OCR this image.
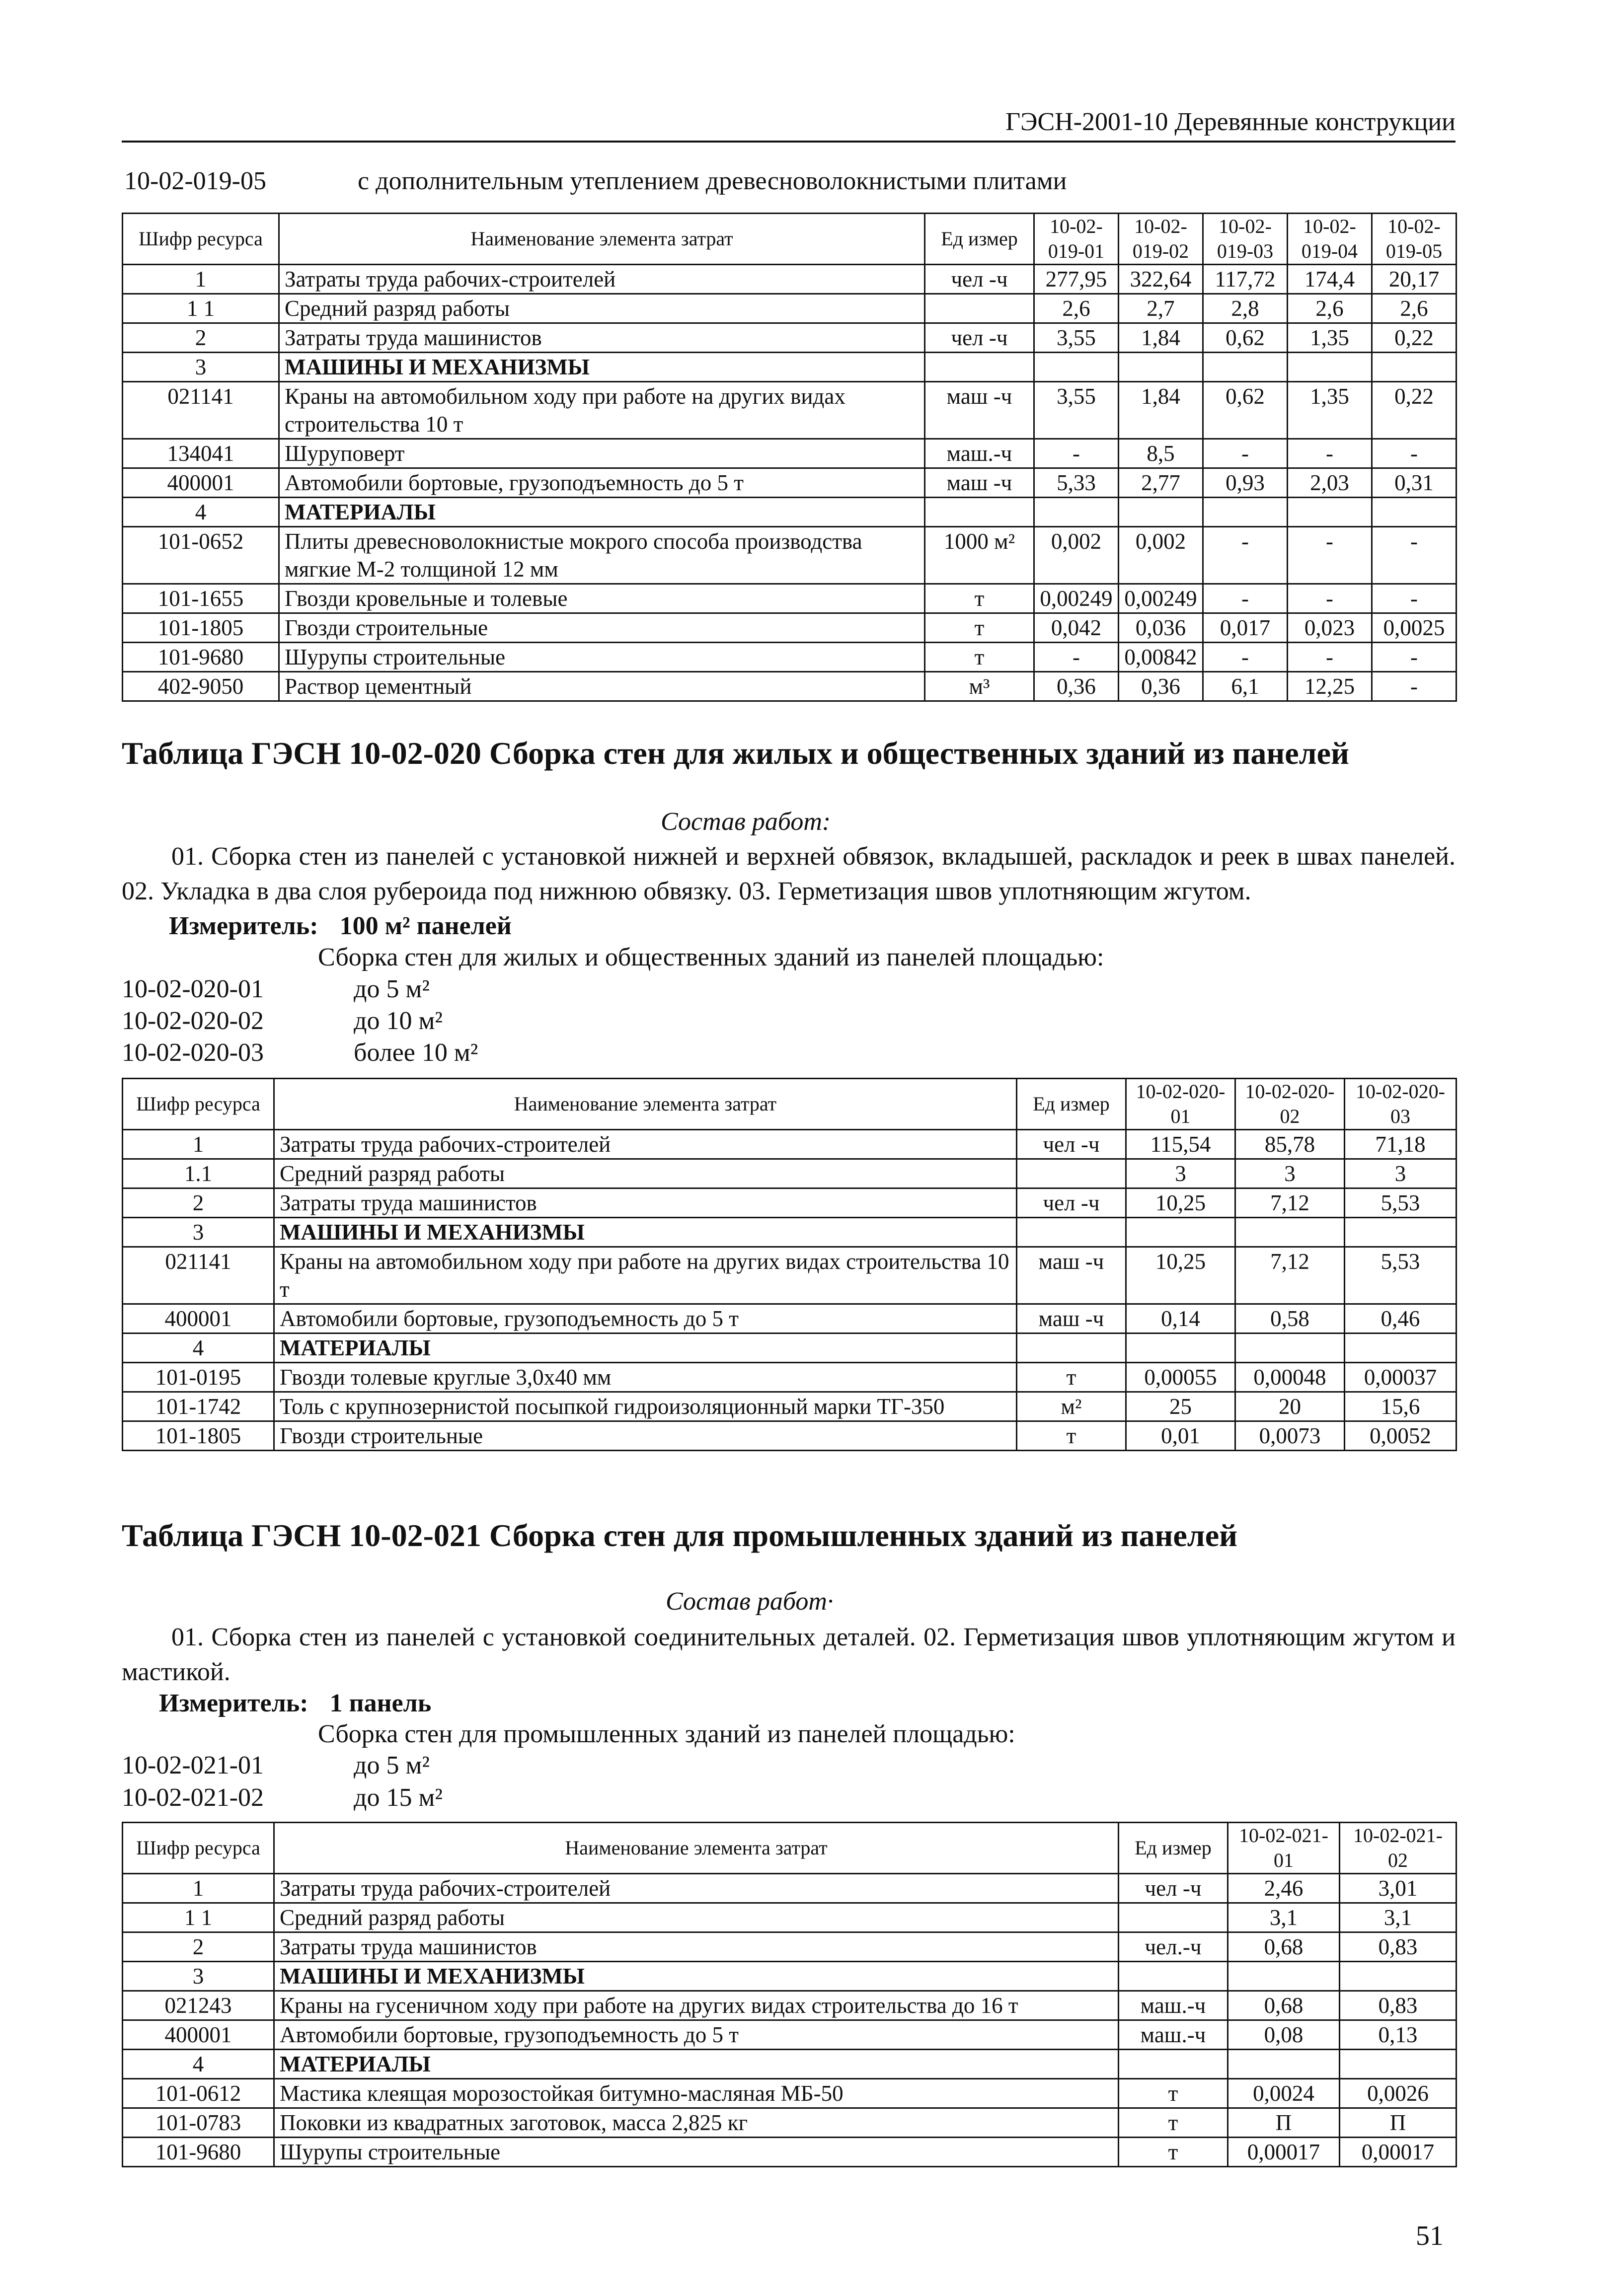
ГЭСН-2001-10 Деревянные конструкции
10-02-019-05	с дополнительным утеплением древесноволокнистыми плитами
Шифр ресурса	Наименование элемента затрат	Ед измер	10-02-019-01	10-02-019-02	10-02-019-03	10-02-019-04	10-02-019-05
1	Затраты труда рабочих-строителей	чел -ч	277,95	322,64	117,72	174,4	20,17
1 1	Средний разряд работы		2,6	2,7	2,8	2,6	2,6
2	Затраты труда машинистов	чел -ч	3,55	1,84	0,62	1,35	0,22
3	МАШИНЫ И МЕХАНИЗМЫ						
021141	Краны на автомобильном ходу при работе на других видах строительства 10 т	маш -ч	3,55	1,84	0,62	1,35	0,22
134041	Шуруповерт	маш.-ч	-	8,5	-	-	-
400001	Автомобили бортовые, грузоподъемность до 5 т	маш -ч	5,33	2,77	0,93	2,03	0,31
4	МАТЕРИАЛЫ						
101-0652	Плиты древесноволокнистые мокрого способа производства мягкие М-2 толщиной 12 мм	1000 м²	0,002	0,002	-	-	-
101-1655	Гвозди кровельные и толевые	т	0,00249	0,00249	-	-	-
101-1805	Гвозди строительные	т	0,042	0,036	0,017	0,023	0,0025
101-9680	Шурупы строительные	т	-	0,00842	-	-	-
402-9050	Раствор цементный	м³	0,36	0,36	6,1	12,25	-
Таблица ГЭСН 10-02-020 Сборка стен для жилых и общественных зданий из панелей
Состав работ:
01. Сборка стен из панелей с установкой нижней и верхней обвязок, вкладышей, раскладок и реек в швах панелей. 02. Укладка в два слоя рубероида под нижнюю обвязку. 03. Герметизация швов уплотняющим жгутом.
Измеритель: 100 м² панелей
Сборка стен для жилых и общественных зданий из панелей площадью:
10-02-020-01	до 5 м²
10-02-020-02	до 10 м²
10-02-020-03	более 10 м²
Шифр ресурса	Наименование элемента затрат	Ед измер	10-02-020-01	10-02-020-02	10-02-020-03
1	Затраты труда рабочих-строителей	чел -ч	115,54	85,78	71,18
1.1	Средний разряд работы		3	3	3
2	Затраты труда машинистов	чел -ч	10,25	7,12	5,53
3	МАШИНЫ И МЕХАНИЗМЫ				
021141	Краны на автомобильном ходу при работе на других видах строительства 10 т	маш -ч	10,25	7,12	5,53
400001	Автомобили бортовые, грузоподъемность до 5 т	маш -ч	0,14	0,58	0,46
4	МАТЕРИАЛЫ				
101-0195	Гвозди толевые круглые 3,0х40 мм	т	0,00055	0,00048	0,00037
101-1742	Толь с крупнозернистой посыпкой гидроизоляционный марки ТГ-350	м²	25	20	15,6
101-1805	Гвозди строительные	т	0,01	0,0073	0,0052
Таблица ГЭСН 10-02-021 Сборка стен для промышленных зданий из панелей
Состав работ·
01. Сборка стен из панелей с установкой соединительных деталей. 02. Герметизация швов уплотняющим жгутом и мастикой.
Измеритель: 1 панель
Сборка стен для промышленных зданий из панелей площадью:
10-02-021-01	до 5 м²
10-02-021-02	до 15 м²
Шифр ресурса	Наименование элемента затрат	Ед измер	10-02-021-01	10-02-021-02
1	Затраты труда рабочих-строителей	чел -ч	2,46	3,01
1 1	Средний разряд работы		3,1	3,1
2	Затраты труда машинистов	чел.-ч	0,68	0,83
3	МАШИНЫ И МЕХАНИЗМЫ			
021243	Краны на гусеничном ходу при работе на других видах строительства до 16 т	маш.-ч	0,68	0,83
400001	Автомобили бортовые, грузоподъемность до 5 т	маш.-ч	0,08	0,13
4	МАТЕРИАЛЫ			
101-0612	Мастика клеящая морозостойкая битумно-масляная МБ-50	т	0,0024	0,0026
101-0783	Поковки из квадратных заготовок, масса 2,825 кг	т	П	П
101-9680	Шурупы строительные	т	0,00017	0,00017
51
